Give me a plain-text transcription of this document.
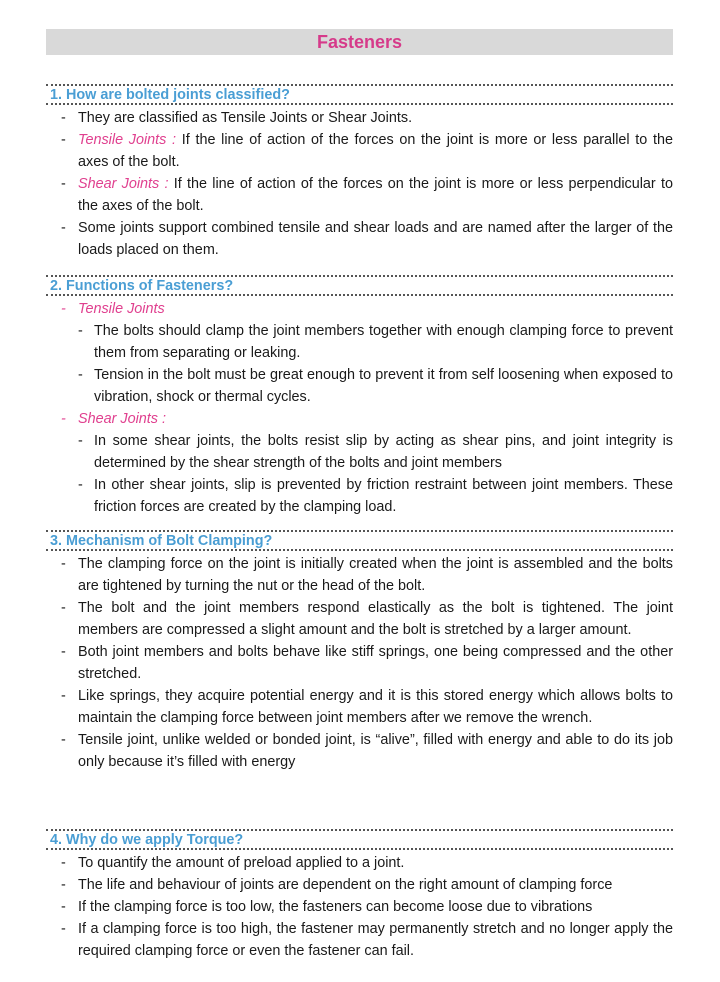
Fasteners
1. How are bolted joints classified?
- They are classified as Tensile Joints or Shear Joints.
- Tensile Joints : If the line of action of the forces on the joint is more or less parallel to the axes of the bolt.
- Shear Joints : If the line of action of the forces on the joint is more or less perpendicular to the axes of the bolt.
- Some joints support combined tensile and shear loads and are named after the larger of the loads placed on them.
2. Functions of Fasteners?
- Tensile Joints
- The bolts should clamp the joint members together with enough clamping force to prevent them from separating or leaking.
- Tension in the bolt must be great enough to prevent it from self loosening when exposed to vibration, shock or thermal cycles.
- Shear Joints :
- In some shear joints, the bolts resist slip by acting as shear pins, and joint integrity is determined by the shear strength of the bolts and joint members
- In other shear joints, slip is prevented by friction restraint between joint members. These friction forces are created by the clamping load.
3. Mechanism of Bolt Clamping?
- The clamping force on the joint is initially created when the joint is assembled and the bolts are tightened by turning the nut or the head of the bolt.
- The bolt and the joint members respond elastically as the bolt is tightened. The joint members are compressed a slight amount and the bolt is stretched by a larger amount.
- Both joint members and bolts behave like stiff springs, one being compressed and the other stretched.
- Like springs, they acquire potential energy and it is this stored energy which allows bolts to maintain the clamping force between joint members after we remove the wrench.
- Tensile joint, unlike welded or bonded joint, is “alive”, filled with energy and able to do its job only because it’s filled with energy
4. Why do we apply Torque?
- To quantify the amount of preload applied to a joint.
- The life and behaviour of joints are dependent on the right amount of clamping force
- If the clamping force is too low, the fasteners can become loose due to vibrations
- If a clamping force is too high, the fastener may permanently stretch and no longer apply the required clamping force or even the fastener can fail.
